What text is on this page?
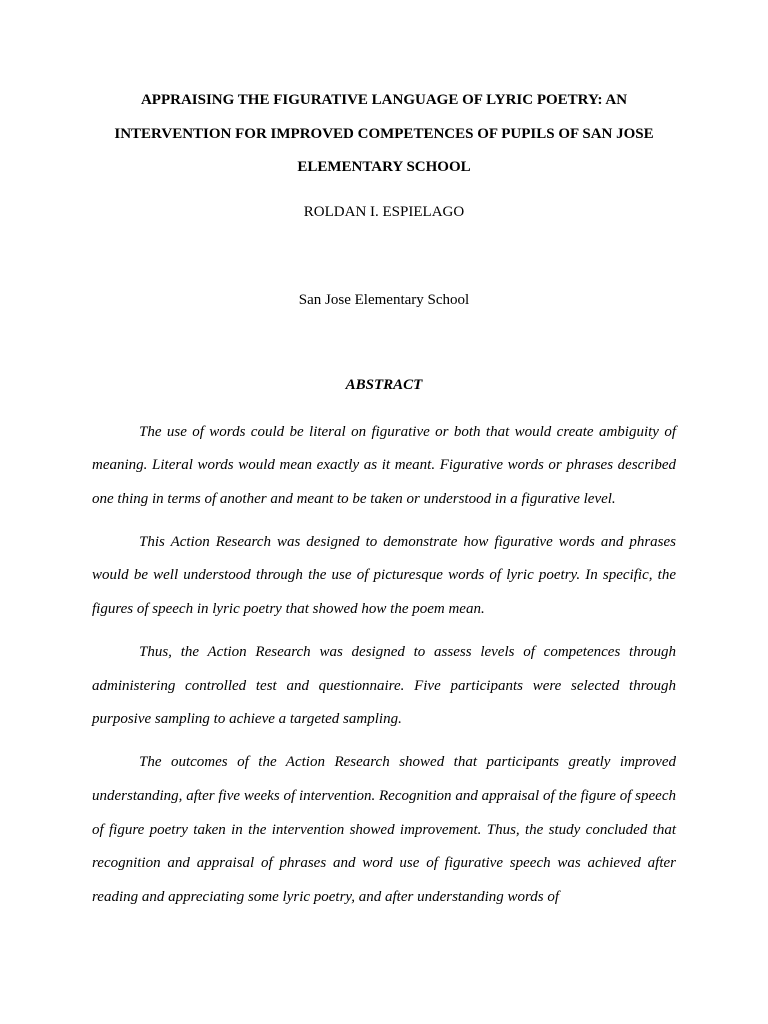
APPRAISING THE FIGURATIVE LANGUAGE OF LYRIC POETRY: AN
INTERVENTION FOR IMPROVED COMPETENCES OF PUPILS OF SAN JOSE
ELEMENTARY SCHOOL

ROLDAN I. ESPIELAGO

San Jose Elementary School

ABSTRACT

The use of words could be literal on figurative or both that would create ambiguity of meaning. Literal words would mean exactly as it meant. Figurative words or phrases described one thing in terms of another and meant to be taken or understood in a figurative level.

This Action Research was designed to demonstrate how figurative words and phrases would be well understood through the use of picturesque words of lyric poetry. In specific, the figures of speech in lyric poetry that showed how the poem mean.

Thus, the Action Research was designed to assess levels of competences through administering controlled test and questionnaire. Five participants were selected through purposive sampling to achieve a targeted sampling.

The outcomes of the Action Research showed that participants greatly improved understanding, after five weeks of intervention. Recognition and appraisal of the figure of speech of figure poetry taken in the intervention showed improvement. Thus, the study concluded that recognition and appraisal of phrases and word use of figurative speech was achieved after reading and appreciating some lyric poetry, and after understanding words of
